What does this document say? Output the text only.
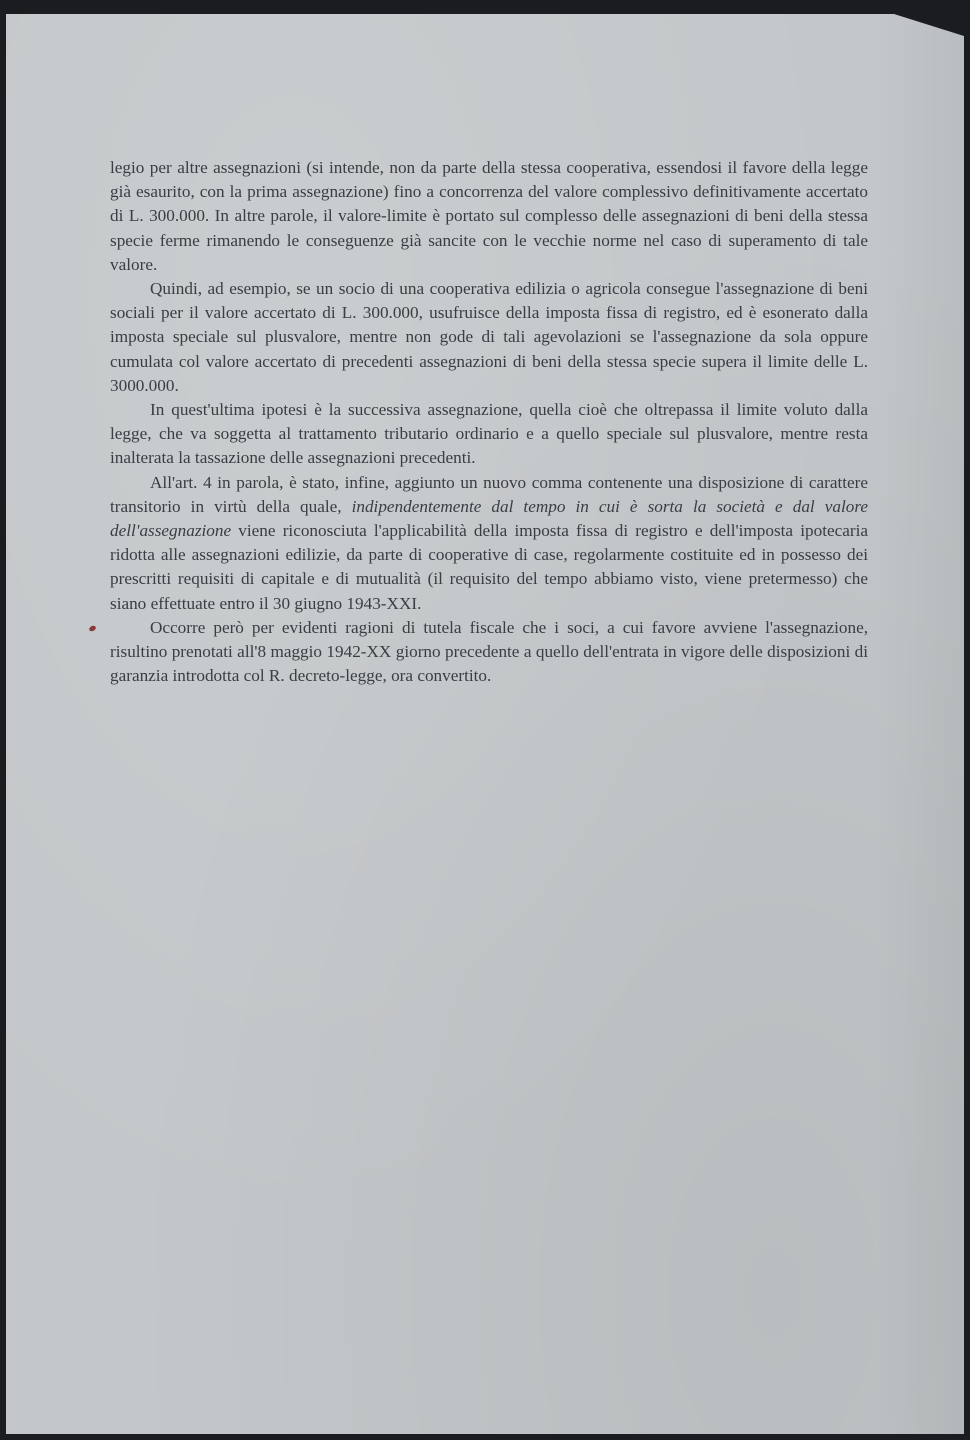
legio per altre assegnazioni (si intende, non da parte della stessa cooperativa, essendosi il favore della legge già esaurito, con la prima assegnazione) fino a concorrenza del valore complessivo definitivamente accertato di L. 300.000. In altre parole, il valore-limite è portato sul complesso delle assegnazioni di beni della stessa specie ferme rimanendo le conseguenze già sancite con le vecchie norme nel caso di superamento di tale valore.

Quindi, ad esempio, se un socio di una cooperativa edilizia o agricola consegue l'assegnazione di beni sociali per il valore accertato di L. 300.000, usufruisce della imposta fissa di registro, ed è esonerato dalla imposta speciale sul plusvalore, mentre non gode di tali agevolazioni se l'assegnazione da sola oppure cumulata col valore accertato di precedenti assegnazioni di beni della stessa specie supera il limite delle L. 3000.000.

In quest'ultima ipotesi è la successiva assegnazione, quella cioè che oltrepassa il limite voluto dalla legge, che va soggetta al trattamento tributario ordinario e a quello speciale sul plusvalore, mentre resta inalterata la tassazione delle assegnazioni precedenti.

All'art. 4 in parola, è stato, infine, aggiunto un nuovo comma contenente una disposizione di carattere transitorio in virtù della quale, indipendentemente dal tempo in cui è sorta la società e dal valore dell'assegnazione viene riconosciuta l'applicabilità della imposta fissa di registro e dell'imposta ipotecaria ridotta alle assegnazioni edilizie, da parte di cooperative di case, regolarmente costituite ed in possesso dei prescritti requisiti di capitale e di mutualità (il requisito del tempo abbiamo visto, viene pretermesso) che siano effettuate entro il 30 giugno 1943-XXI.

Occorre però per evidenti ragioni di tutela fiscale che i soci, a cui favore avviene l'assegnazione, risultino prenotati all'8 maggio 1942-XX giorno precedente a quello dell'entrata in vigore delle disposizioni di garanzia introdotta col R. decreto-legge, ora convertito.
